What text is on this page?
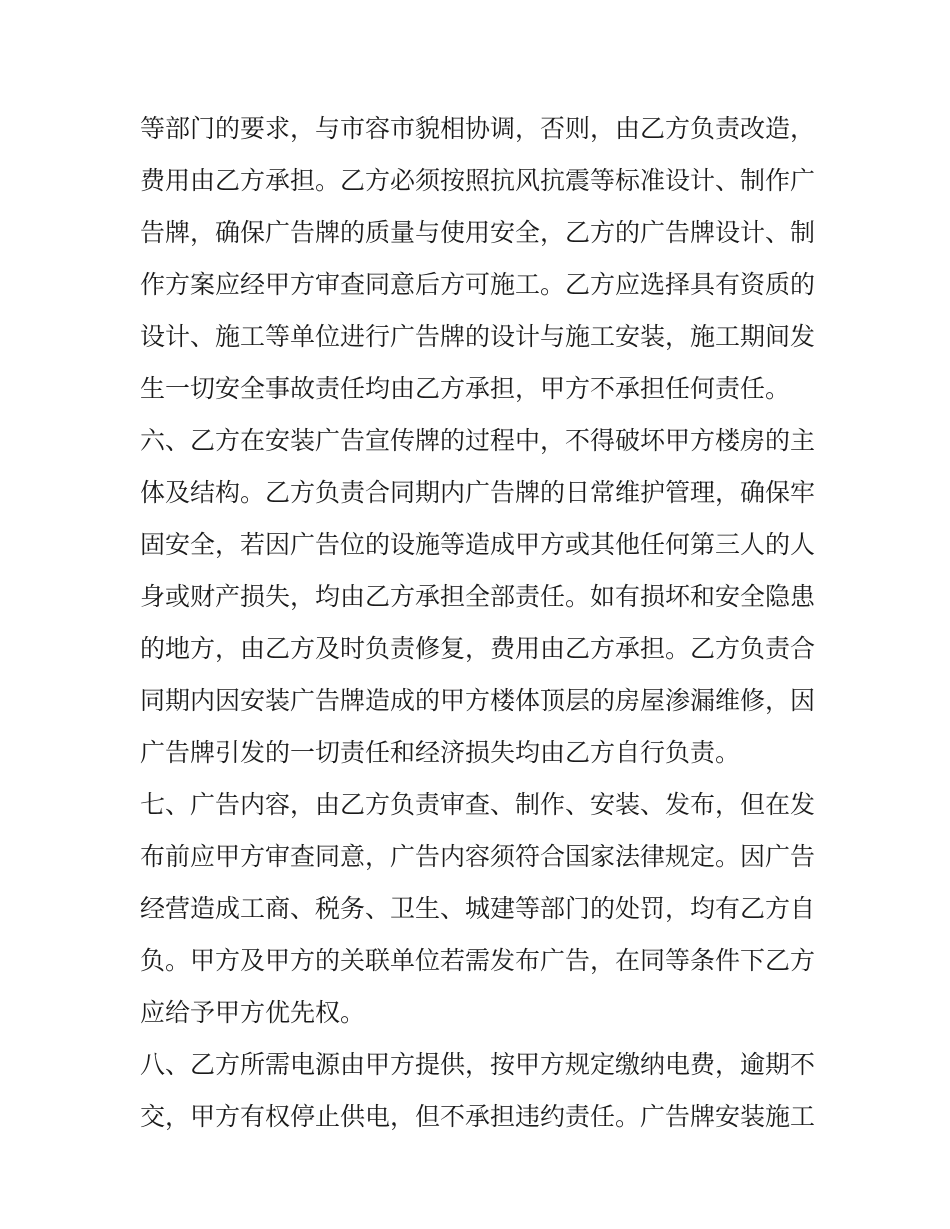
等部门的要求，与市容市貌相协调，否则，由乙方负责改造，
费用由乙方承担。乙方必须按照抗风抗震等标准设计、制作广
告牌，确保广告牌的质量与使用安全，乙方的广告牌设计、制
作方案应经甲方审查同意后方可施工。乙方应选择具有资质的
设计、施工等单位进行广告牌的设计与施工安装，施工期间发
生一切安全事故责任均由乙方承担，甲方不承担任何责任。
六、乙方在安装广告宣传牌的过程中，不得破坏甲方楼房的主
体及结构。乙方负责合同期内广告牌的日常维护管理，确保牢
固安全，若因广告位的设施等造成甲方或其他任何第三人的人
身或财产损失，均由乙方承担全部责任。如有损坏和安全隐患
的地方，由乙方及时负责修复，费用由乙方承担。乙方负责合
同期内因安装广告牌造成的甲方楼体顶层的房屋渗漏维修，因
广告牌引发的一切责任和经济损失均由乙方自行负责。
七、广告内容，由乙方负责审查、制作、安装、发布，但在发
布前应甲方审查同意，广告内容须符合国家法律规定。因广告
经营造成工商、税务、卫生、城建等部门的处罚，均有乙方自
负。甲方及甲方的关联单位若需发布广告，在同等条件下乙方
应给予甲方优先权。
八、乙方所需电源由甲方提供，按甲方规定缴纳电费，逾期不
交，甲方有权停止供电，但不承担违约责任。广告牌安装施工
